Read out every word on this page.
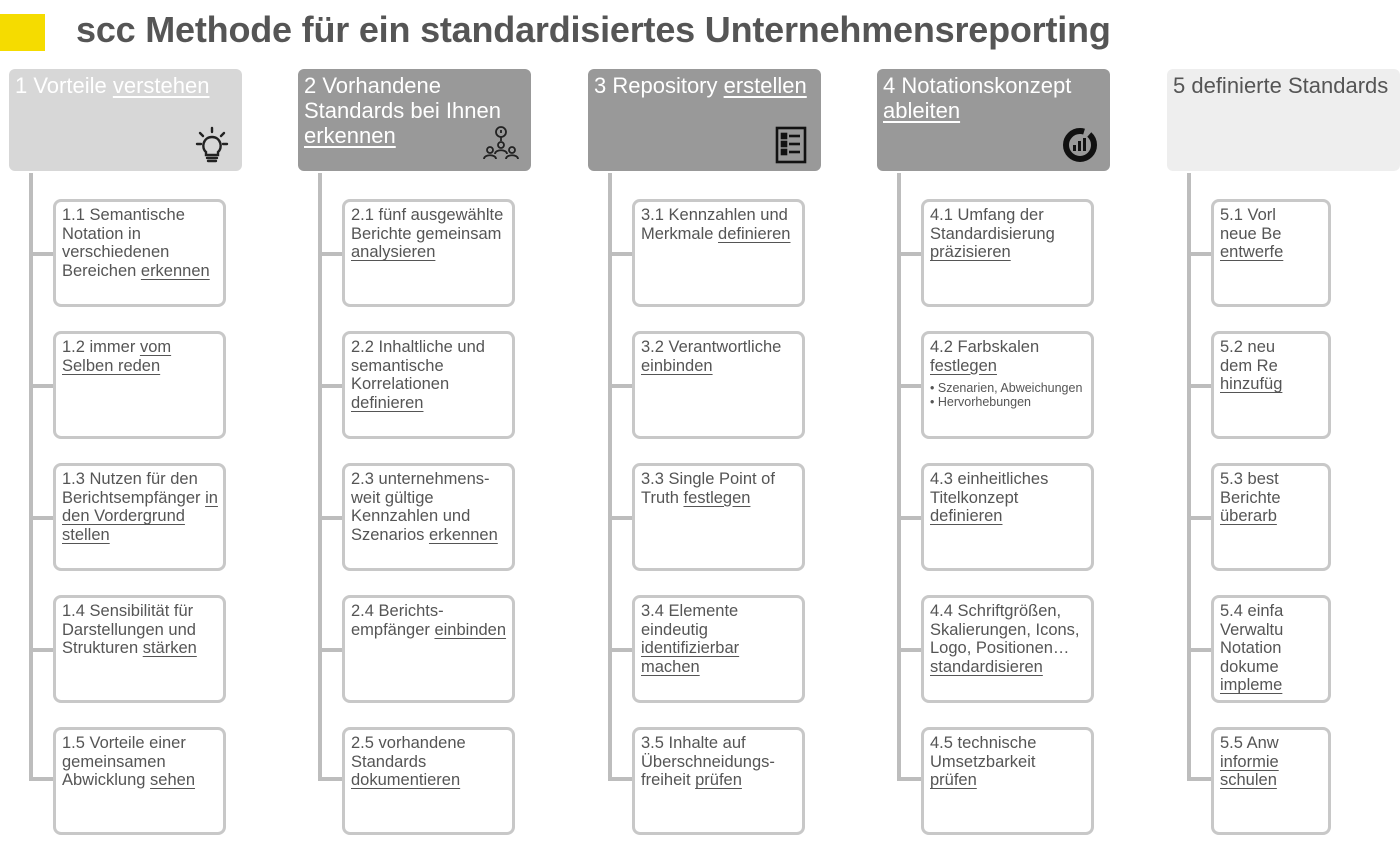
scc Methode für ein standardisiertes Unternehmensreporting
1 Vorteile verstehen
1.1 Semantische Notation in verschiedenen Bereichen erkennen
1.2 immer vom Selben reden
1.3 Nutzen für den Berichtsempfänger in den Vordergrund stellen
1.4 Sensibilität für Darstellungen und Strukturen stärken
1.5 Vorteile einer gemeinsamen Abwicklung sehen
2 Vorhandene Standards bei Ihnen erkennen
2.1 fünf ausgewählte Berichte gemeinsam analysieren
2.2 Inhaltliche und semantische Korrelationen definieren
2.3 unternehmens-weit gültige Kennzahlen und Szenarios erkennen
2.4 Berichts-empfänger einbinden
2.5 vorhandene Standards dokumentieren
3 Repository erstellen
3.1 Kennzahlen und Merkmale definieren
3.2 Verantwortliche einbinden
3.3 Single Point of Truth festlegen
3.4 Elemente eindeutig identifizierbar machen
3.5 Inhalte auf Überschneidungs-freiheit prüfen
4 Notationskonzept ableiten
4.1 Umfang der Standardisierung präzisieren
4.2 Farbskalen festlegen
• Szenarien, Abweichungen
• Hervorhebungen
4.3 einheitliches Titelkonzept definieren
4.4 Schriftgrößen, Skalierungen, Icons, Logo, Positionen… standardisieren
4.5 technische Umsetzbarkeit prüfen
5 definierte Standards
5.1 Vorl
neue Be
entwerfe
5.2 neu
dem Re
hinzufüg
5.3 best
Berichte
überarb
5.4 einfa
Verwaltu
Notation
dokume
impleme
5.5 Anw
informie
schulen
